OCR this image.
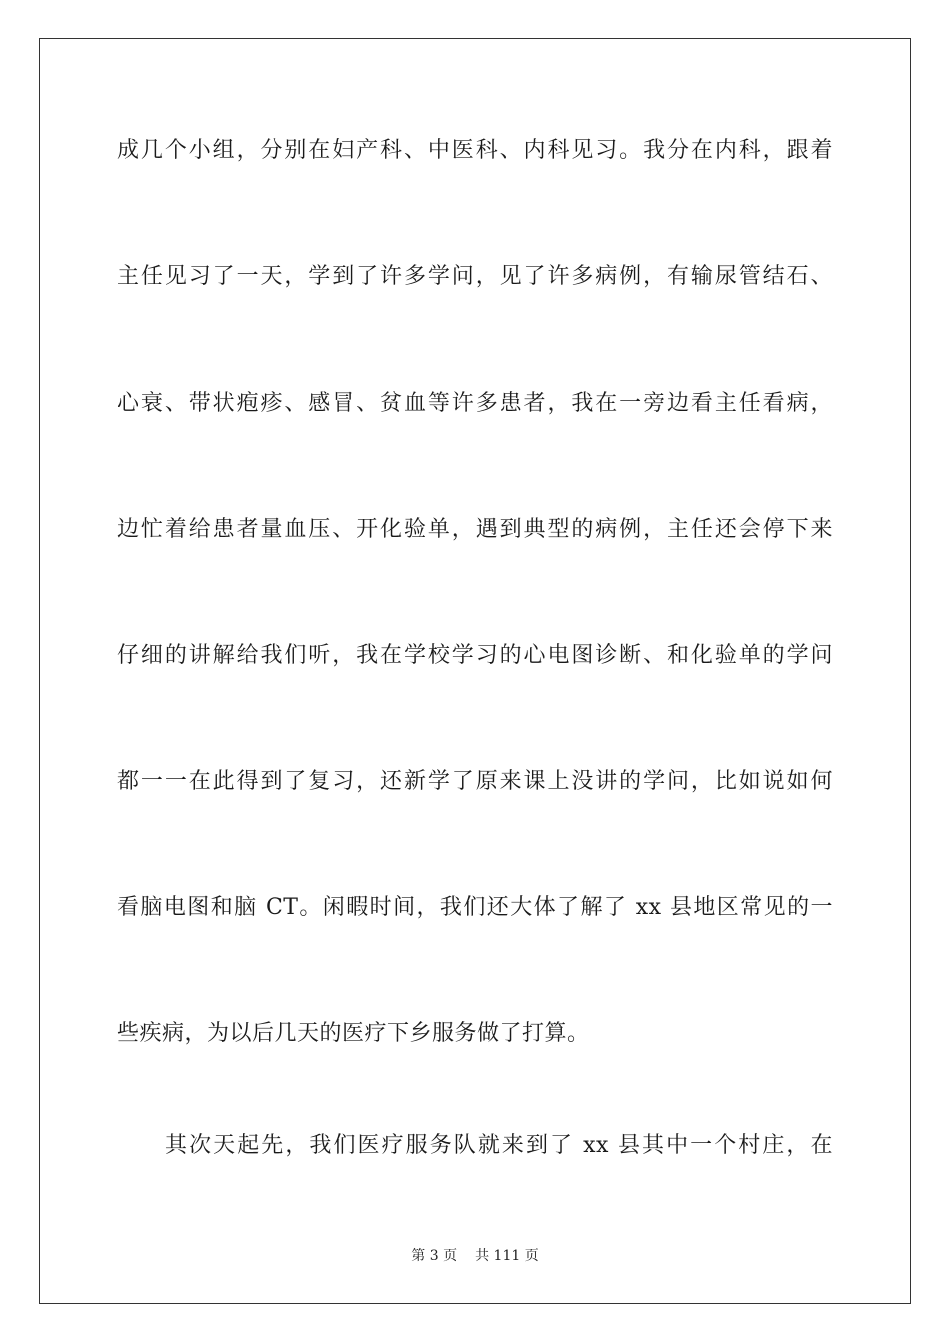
成几个小组，分别在妇产科、中医科、内科见习。我分在内科，跟着
主任见习了一天，学到了许多学问，见了许多病例，有输尿管结石、
心衰、带状疱疹、感冒、贫血等许多患者，我在一旁边看主任看病，
边忙着给患者量血压、开化验单，遇到典型的病例，主任还会停下来
仔细的讲解给我们听，我在学校学习的心电图诊断、和化验单的学问
都一一在此得到了复习，还新学了原来课上没讲的学问，比如说如何
看脑电图和脑 CT。闲暇时间，我们还大体了解了 xx 县地区常见的一
些疾病，为以后几天的医疗下乡服务做了打算。
其次天起先，我们医疗服务队就来到了 xx 县其中一个村庄，在
第 3 页 共 111 页
